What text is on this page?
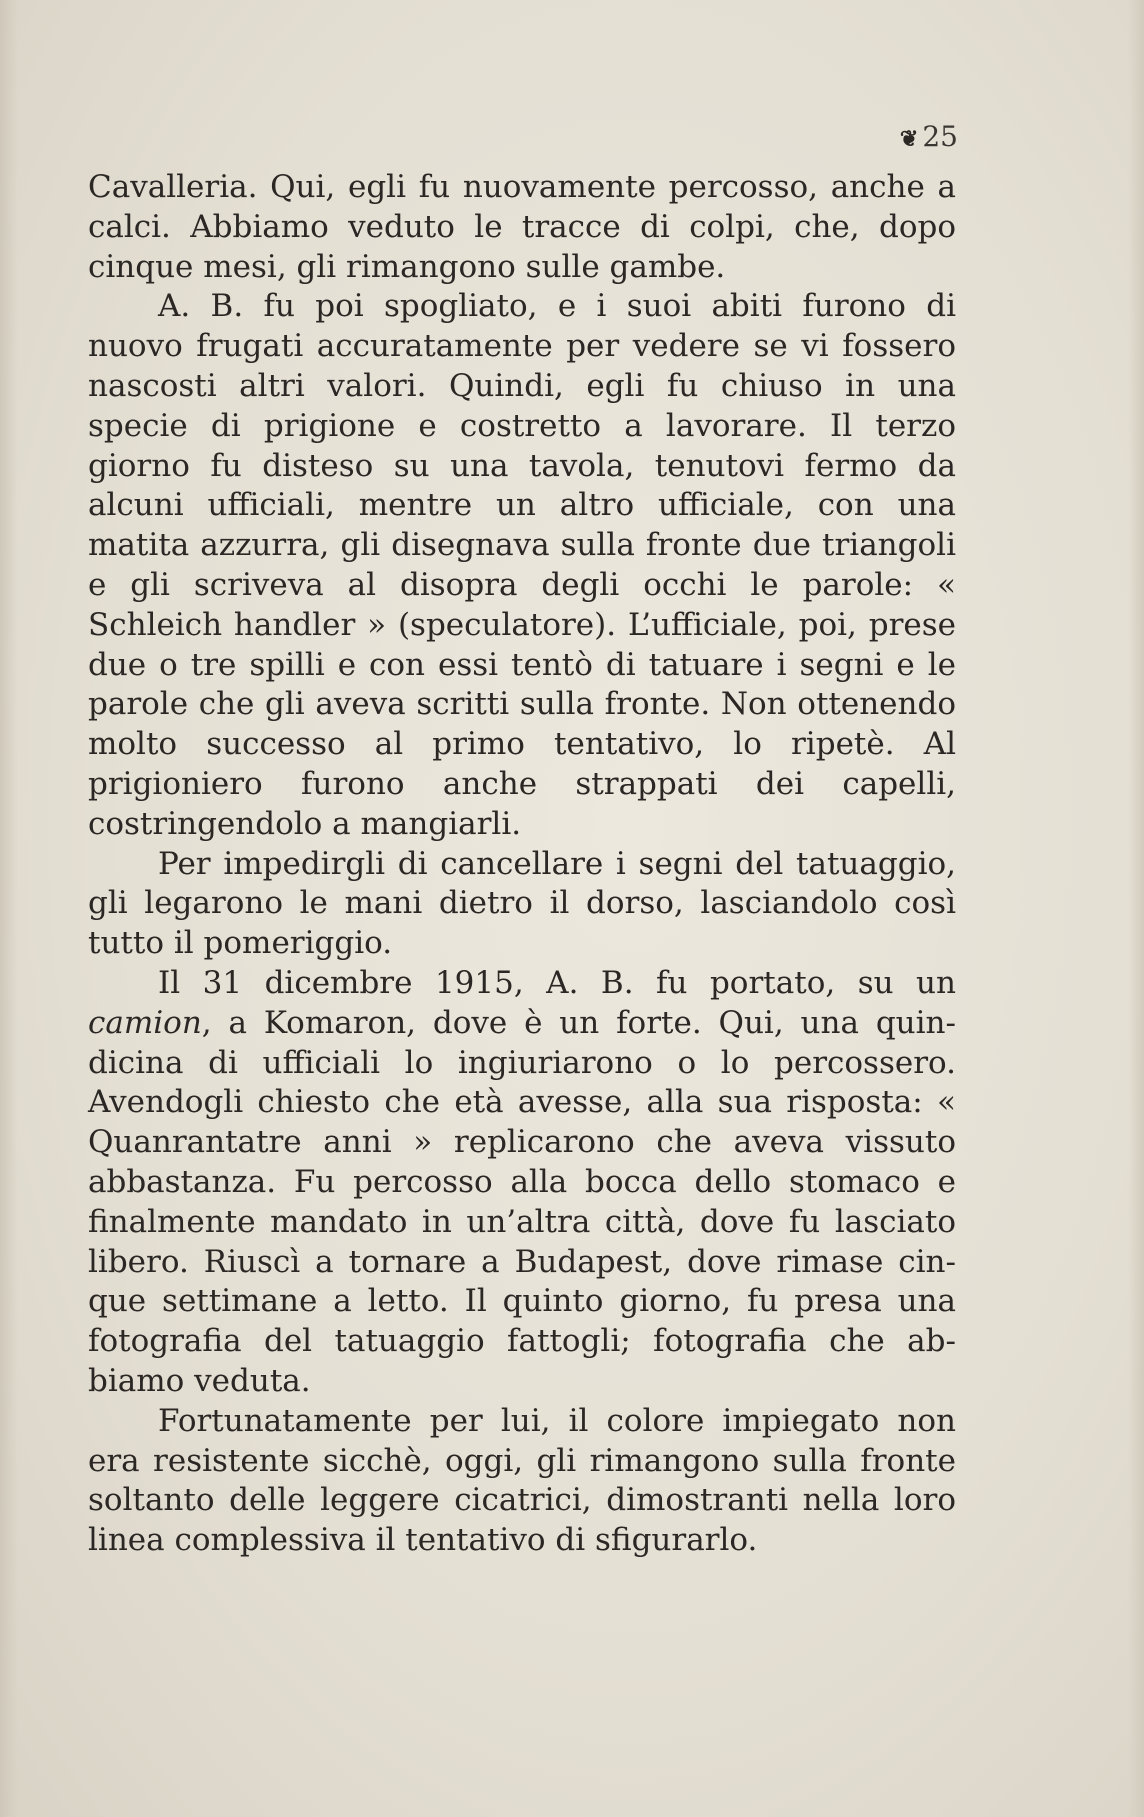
❦ 25

Cavalleria. Qui, egli fu nuovamente percosso, anche a calci. Abbiamo veduto le tracce di colpi, che, dopo cinque mesi, gli rimangono sulle gambe.

A. B. fu poi spogliato, e i suoi abiti furono di nuovo frugati accuratamente per vedere se vi fossero nascosti altri valori. Quindi, egli fu chiuso in una specie di prigione e costretto a lavorare. Il terzo giorno fu disteso su una tavola, tenutovi fermo da alcuni ufficiali, mentre un altro ufficiale, con una matita azzurra, gli disegnava sulla fronte due triangoli e gli scriveva al disopra degli occhi le parole: « Schleich handler » (speculatore). L’ufficiale, poi, prese due o tre spilli e con essi tentò di tatuare i segni e le parole che gli aveva scritti sulla fronte. Non ottenendo molto successo al primo tentativo, lo ripetè. Al prigioniero furono anche strappati dei capelli, costringendolo a mangiarli.

Per impedirgli di cancellare i segni del tatuaggio, gli legarono le mani dietro il dorso, lasciandolo così tutto il pomeriggio.

Il 31 dicembre 1915, A. B. fu portato, su un camion, a Komaron, dove è un forte. Qui, una quindicina di ufficiali lo ingiuriarono o lo percossero. Avendogli chiesto che età avesse, alla sua risposta: « Quanrantatre anni » replicarono che aveva vissuto abbastanza. Fu percosso alla bocca dello stomaco e finalmente mandato in un’altra città, dove fu lasciato libero. Riuscì a tornare a Budapest, dove rimase cinque settimane a letto. Il quinto giorno, fu presa una fotografia del tatuaggio fattogli; fotografia che abbiamo veduta.

Fortunatamente per lui, il colore impiegato non era resistente sicchè, oggi, gli rimangono sulla fronte soltanto delle leggere cicatrici, dimostranti nella loro linea complessiva il tentativo di sfigurarlo.
